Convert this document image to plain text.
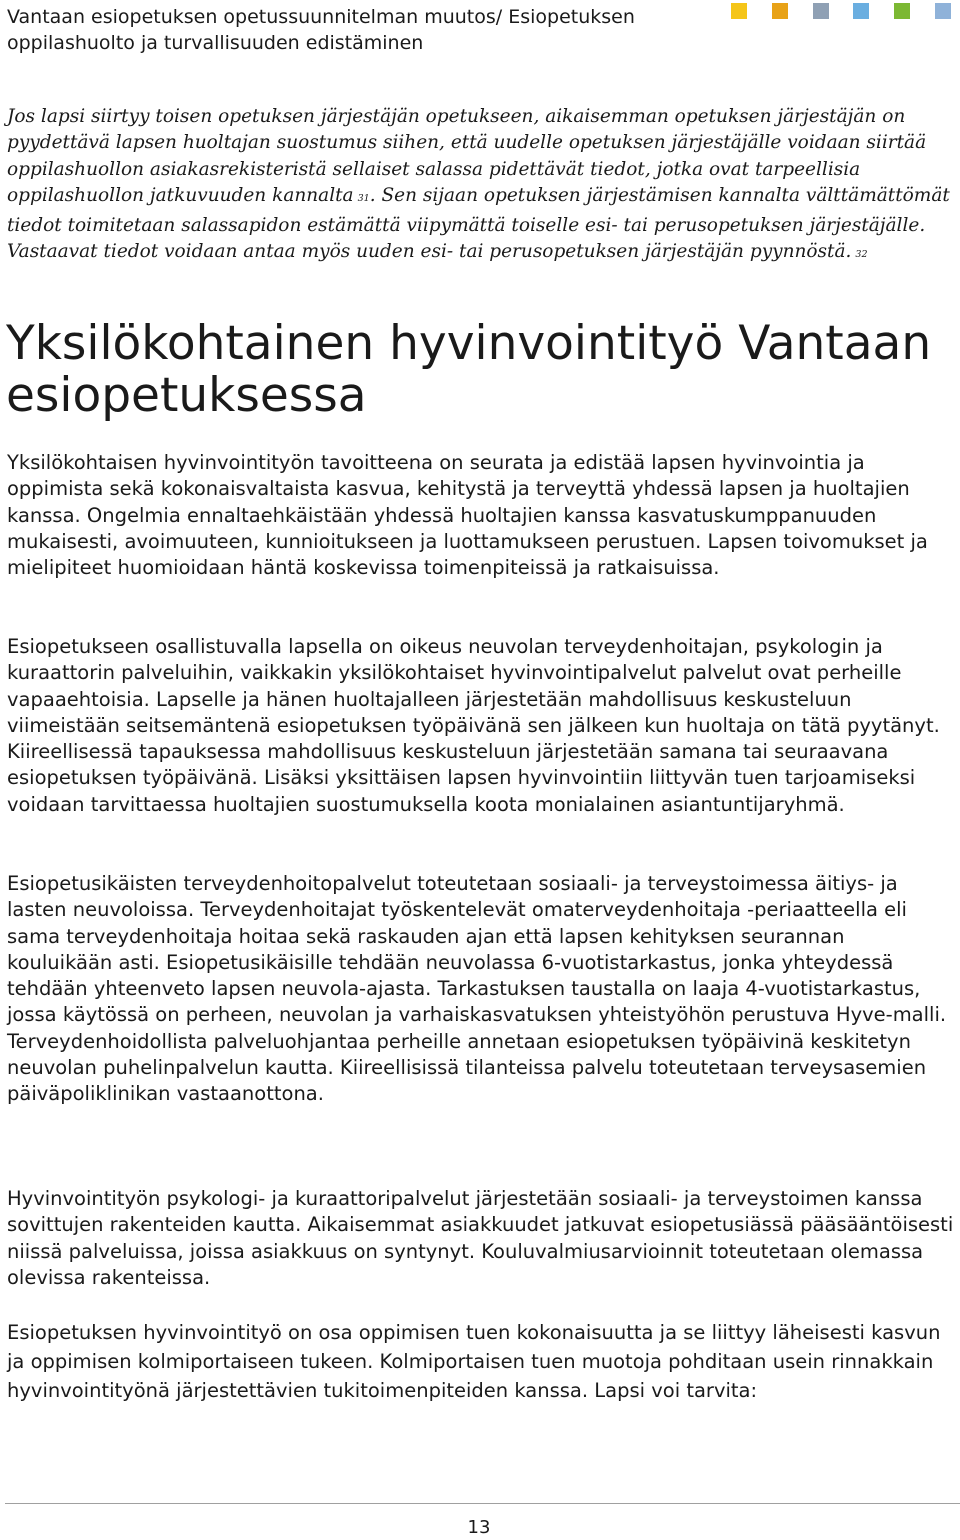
Vantaan esiopetuksen opetussuunnitelman muutos/ Esiopetuksen oppilashuolto ja turvallisuuden edistäminen

Jos lapsi siirtyy toisen opetuksen järjestäjän opetukseen, aikaisemman opetuksen järjestäjän on pyydettävä lapsen huoltajan suostumus siihen, että uudelle opetuksen järjestäjälle voidaan siirtää oppilashuollon asiakasrekisteristä sellaiset salassa pidettävät tiedot, jotka ovat tarpeellisia oppilashuollon jatkuvuuden kannalta 31. Sen sijaan opetuksen järjestämisen kannalta välttämättömät tiedot toimitetaan salassapidon estämättä viipymättä toiselle esi- tai perusopetuksen järjestäjälle. Vastaavat tiedot voidaan antaa myös uuden esi- tai perusopetuksen järjestäjän pyynnöstä. 32

Yksilökohtainen hyvinvointityö Vantaan esiopetuksessa

Yksilökohtaisen hyvinvointityön tavoitteena on seurata ja edistää lapsen hyvinvointia ja oppimista sekä kokonaisvaltaista kasvua, kehitystä ja terveyttä yhdessä lapsen ja huoltajien kanssa. Ongelmia ennaltaehkäistään yhdessä huoltajien kanssa kasvatuskumppanuuden mukaisesti, avoimuuteen, kunnioitukseen ja luottamukseen perustuen. Lapsen toivomukset ja mielipiteet huomioidaan häntä koskevissa toimenpiteissä ja ratkaisuissa.

Esiopetukseen osallistuvalla lapsella on oikeus neuvolan terveydenhoitajan, psykologin ja kuraattorin palveluihin, vaikkakin yksilökohtaiset hyvinvointipalvelut palvelut ovat perheille vapaaehtoisia. Lapselle ja hänen huoltajalleen järjestetään mahdollisuus keskusteluun viimeistään seitsemäntenä esiopetuksen työpäivänä sen jälkeen kun huoltaja on tätä pyytänyt. Kiireellisessä tapauksessa mahdollisuus keskusteluun järjestetään samana tai seuraavana esiopetuksen työpäivänä. Lisäksi yksittäisen lapsen hyvinvointiin liittyvän tuen tarjoamiseksi voidaan tarvittaessa huoltajien suostumuksella koota monialainen asiantuntijaryhmä.

Esiopetusikäisten terveydenhoitopalvelut toteutetaan sosiaali- ja terveystoimessa äitiys- ja lasten neuvoloissa. Terveydenhoitajat työskentelevät omaterveydenhoitaja -periaatteella eli sama terveydenhoitaja hoitaa sekä raskauden ajan että lapsen kehityksen seurannan kouluikään asti. Esiopetusikäisille tehdään neuvolassa 6-vuotistarkastus, jonka yhteydessä tehdään yhteenveto lapsen neuvola-ajasta. Tarkastuksen taustalla on laaja 4-vuotistarkastus, jossa käytössä on perheen, neuvolan ja varhaiskasvatuksen yhteistyöhön perustuva Hyve-malli. Terveydenhoidollista palveluohjantaa perheille annetaan esiopetuksen työpäivinä keskitetyn neuvolan puhelinpalvelun kautta. Kiireellisissä tilanteissa palvelu toteutetaan terveysasemien päiväpoliklinikan vastaanottona.

Hyvinvointityön psykologi- ja kuraattoripalvelut järjestetään sosiaali- ja terveystoimen kanssa sovittujen rakenteiden kautta. Aikaisemmat asiakkuudet jatkuvat esiopetusiässä pääsääntöisesti niissä palveluissa, joissa asiakkuus on syntynyt. Kouluvalmiusarvioinnit toteutetaan olemassa olevissa rakenteissa.

Esiopetuksen hyvinvointityö on osa oppimisen tuen kokonaisuutta ja se liittyy läheisesti kasvun ja oppimisen kolmiportaiseen tukeen. Kolmiportaisen tuen muotoja pohditaan usein rinnakkain hyvinvointityönä järjestettävien tukitoimenpiteiden kanssa. Lapsi voi tarvita:

13
